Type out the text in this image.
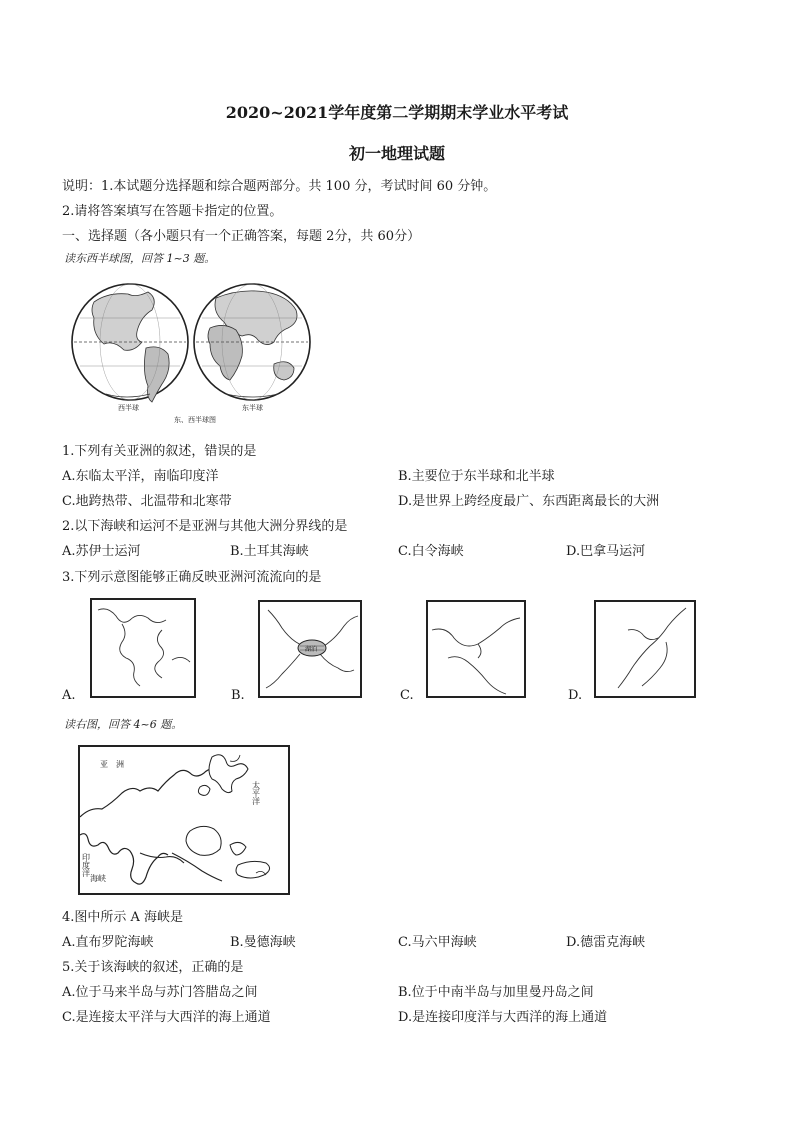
2020~2021学年度第二学期期末学业水平考试
初一地理试题
说明：1.本试题分选择题和综合题两部分。共 100 分，考试时间 60 分钟。
2.请将答案填写在答题卡指定的位置。
一、选择题（各小题只有一个正确答案，每题 2分，共 60分）
读东西半球图，回答 1~3 题。
西半球	东半球
东、西半球图
1.下列有关亚洲的叙述，错误的是
A.东临太平洋，南临印度洋	B.主要位于东半球和北半球
C.地跨热带、北温带和北寒带	D.是世界上跨经度最广、东西距离最长的大洲
2.以下海峡和运河不是亚洲与其他大洲分界线的是
A.苏伊士运河	B.土耳其海峡	C.白令海峡	D.巴拿马运河
3.下列示意图能够正确反映亚洲河流流向的是
A.
湖泊
B.	C.	D.
读右图，回答 4~6 题。
亚　洲
海峡
印度洋
太平洋
4.图中所示 A 海峡是
A.直布罗陀海峡	B.曼德海峡	C.马六甲海峡	D.德雷克海峡
5.关于该海峡的叙述，正确的是
A.位于马来半岛与苏门答腊岛之间	B.位于中南半岛与加里曼丹岛之间
C.是连接太平洋与大西洋的海上通道	D.是连接印度洋与大西洋的海上通道
